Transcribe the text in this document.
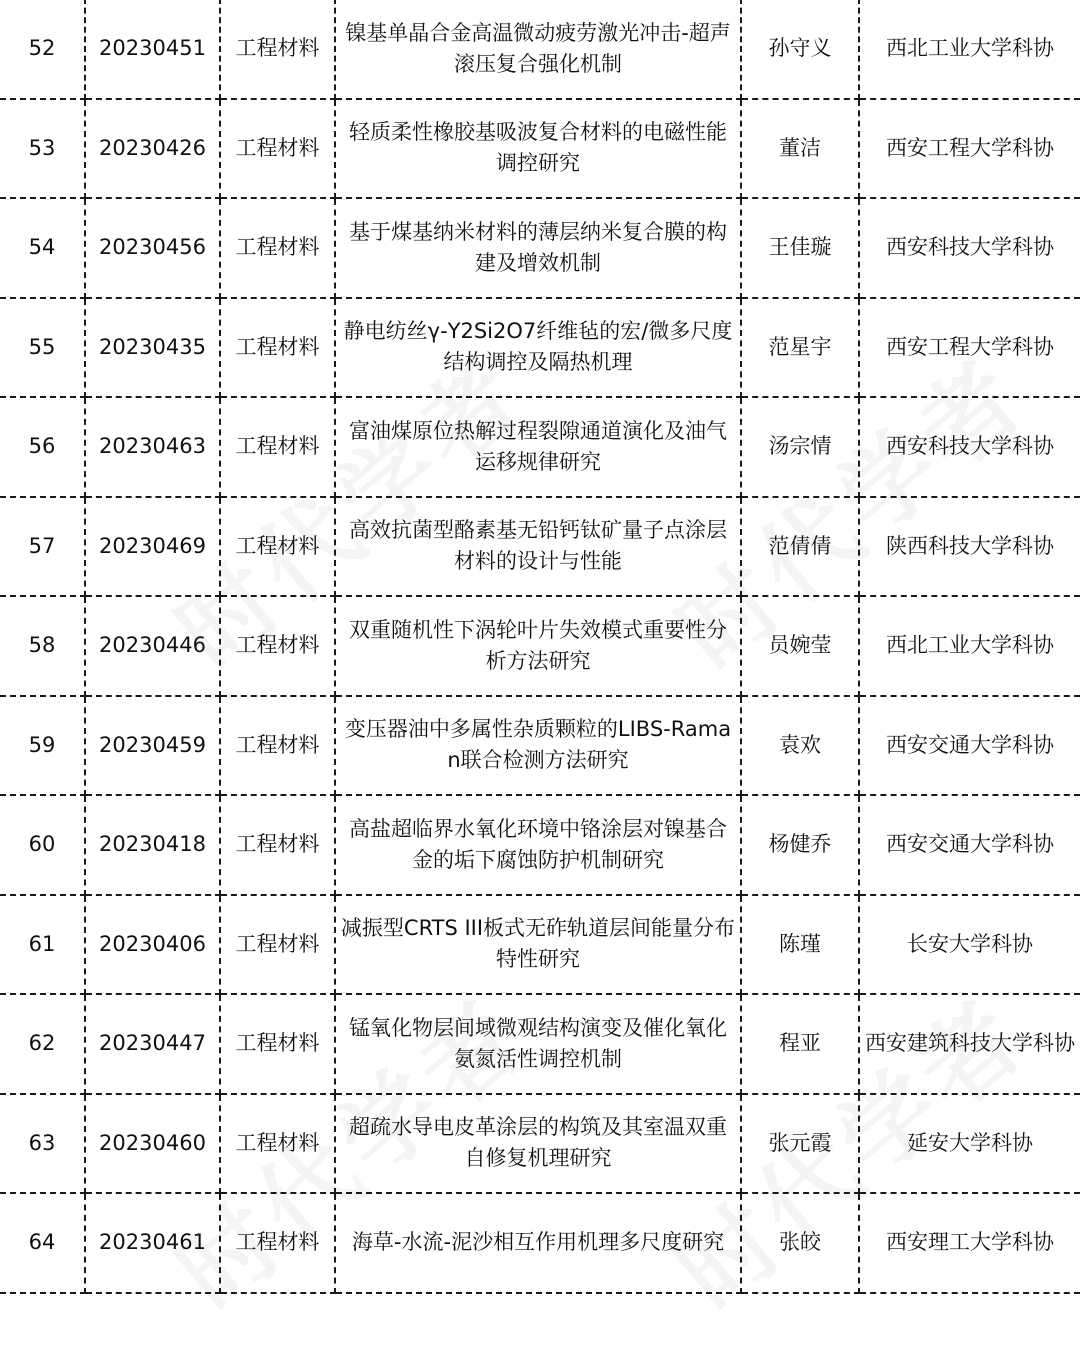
52	20230451	工程材料	镍基单晶合金高温微动疲劳激光冲击-超声滚压复合强化机制	孙守义	西北工业大学科协
53	20230426	工程材料	轻质柔性橡胶基吸波复合材料的电磁性能调控研究	董洁	西安工程大学科协
54	20230456	工程材料	基于煤基纳米材料的薄层纳米复合膜的构建及增效机制	王佳璇	西安科技大学科协
55	20230435	工程材料	静电纺丝γ-Y2Si2O7纤维毡的宏/微多尺度结构调控及隔热机理	范星宇	西安工程大学科协
56	20230463	工程材料	富油煤原位热解过程裂隙通道演化及油气运移规律研究	汤宗情	西安科技大学科协
57	20230469	工程材料	高效抗菌型酪素基无铅钙钛矿量子点涂层材料的设计与性能	范倩倩	陕西科技大学科协
58	20230446	工程材料	双重随机性下涡轮叶片失效模式重要性分析方法研究	员婉莹	西北工业大学科协
59	20230459	工程材料	变压器油中多属性杂质颗粒的LIBS-Raman联合检测方法研究	袁欢	西安交通大学科协
60	20230418	工程材料	高盐超临界水氧化环境中铬涂层对镍基合金的垢下腐蚀防护机制研究	杨健乔	西安交通大学科协
61	20230406	工程材料	减振型CRTS III板式无砟轨道层间能量分布特性研究	陈瑾	长安大学科协
62	20230447	工程材料	锰氧化物层间域微观结构演变及催化氧化氨氮活性调控机制	程亚	西安建筑科技大学科协
63	20230460	工程材料	超疏水导电皮革涂层的构筑及其室温双重自修复机理研究	张元霞	延安大学科协
64	20230461	工程材料	海草-水流-泥沙相互作用机理多尺度研究	张皎	西安理工大学科协
